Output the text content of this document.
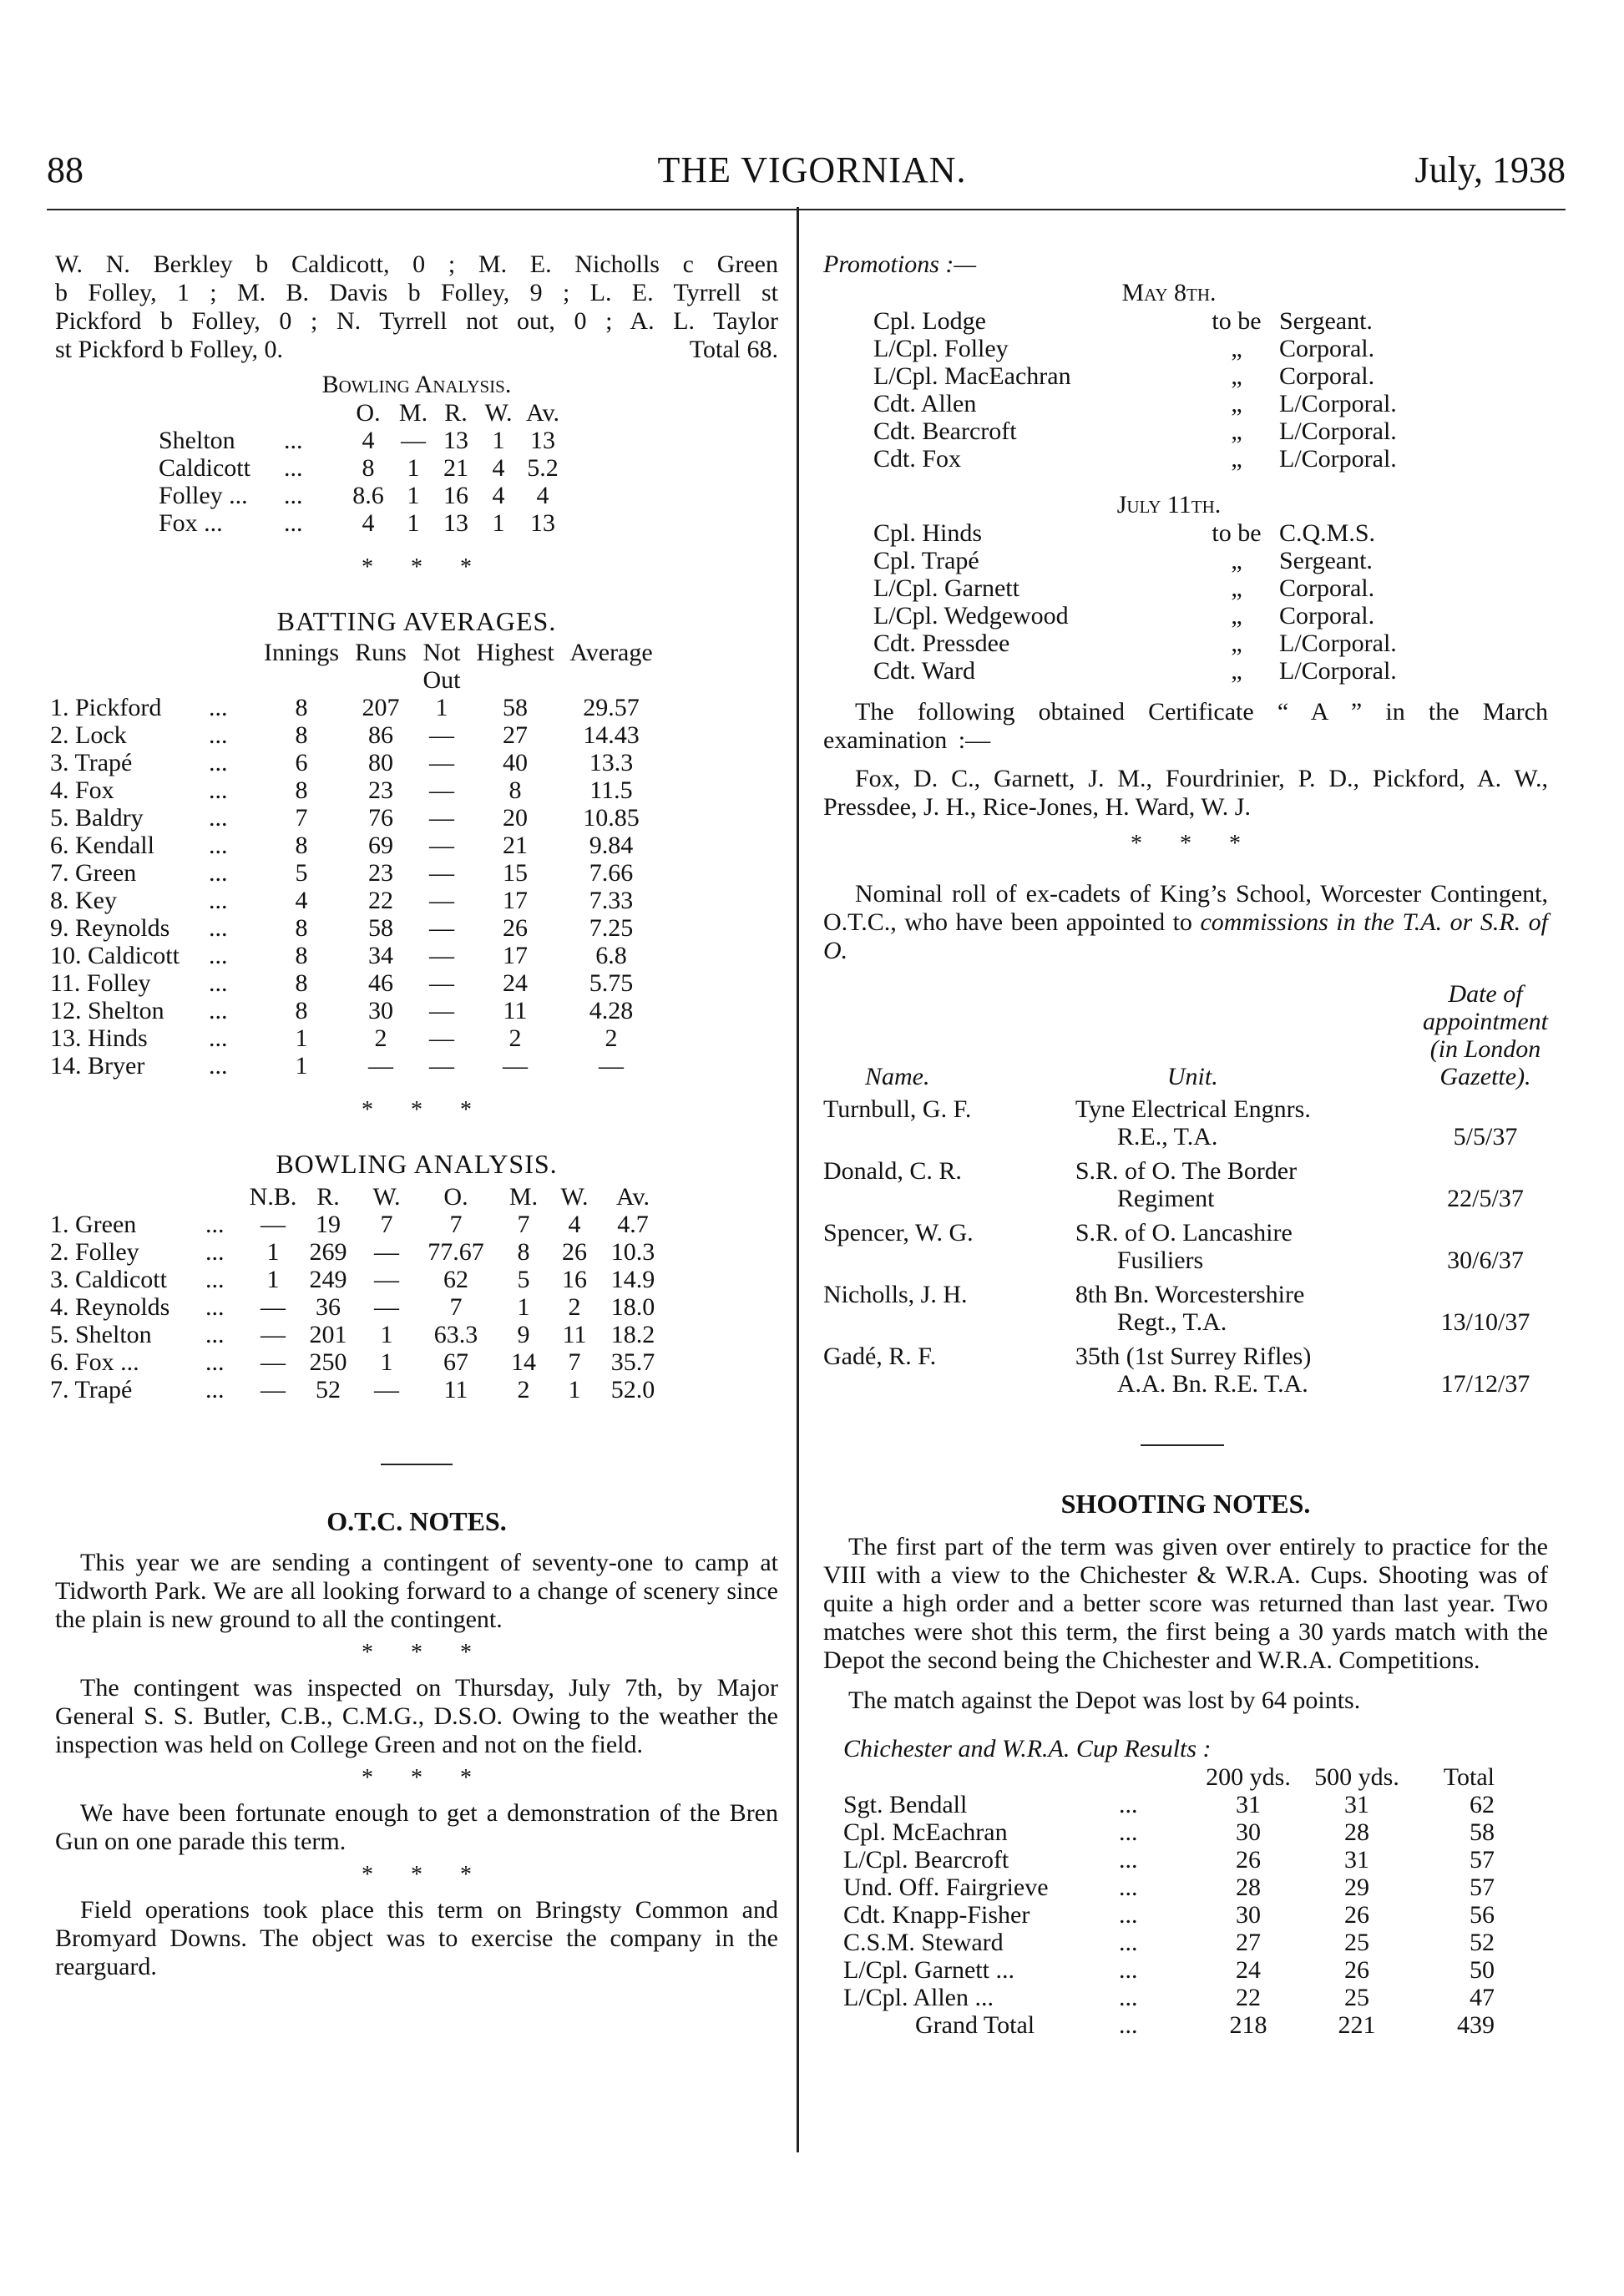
88	THE VIGORNIAN.	July, 1938

W. N. Berkley b Caldicott, 0 ; M. E. Nicholls c Green

b Folley, 1 ; M. B. Davis b Folley, 9 ; L. E. Tyrrell st

Pickford b Folley, 0 ; N. Tyrrell not out, 0 ; A. L. Taylor

st Pickford b Folley, 0.	Total 68.
Bowling Analysis.
		O.	M.	R.	W.	Av.
Shelton	...	4	—	13	1	13
Caldicott	...	8	1	21	4	5.2
Folley ...	...	8.6	1	16	4	4
Fox ...	...	4	1	13	1	13
* * *
BATTING AVERAGES.
		Innings	Runs	Not	Highest	Average
				Out		
1. Pickford	...	8	207	1	58	29.57
2. Lock	...	8	86	—	27	14.43
3. Trapé	...	6	80	—	40	13.3
4. Fox	...	8	23	—	8	11.5
5. Baldry	...	7	76	—	20	10.85
6. Kendall	...	8	69	—	21	9.84
7. Green	...	5	23	—	15	7.66
8. Key	...	4	22	—	17	7.33
9. Reynolds	...	8	58	—	26	7.25
10. Caldicott	...	8	34	—	17	6.8
11. Folley	...	8	46	—	24	5.75
12. Shelton	...	8	30	—	11	4.28
13. Hinds	...	1	2	—	2	2
14. Bryer	...	1	—	—	—	—
* * *
BOWLING ANALYSIS.
		N.B.	R.	W.	O.	M.	W.	Av.
1. Green	...	—	19	7	7	7	4	4.7
2. Folley	...	1	269	—	77.67	8	26	10.3
3. Caldicott	...	1	249	—	62	5	16	14.9
4. Reynolds	...	—	36	—	7	1	2	18.0
5. Shelton	...	—	201	1	63.3	9	11	18.2
6. Fox ...	...	—	250	1	67	14	7	35.7
7. Trapé	...	—	52	—	11	2	1	52.0
O.T.C. NOTES.

This year we are sending a contingent of seventy-one to camp at Tidworth Park. We are all looking forward to a change of scenery since the plain is new ground to all the contingent.

* * *

The contingent was inspected on Thursday, July 7th, by Major General S. S. Butler, C.B., C.M.G., D.S.O. Owing to the weather the inspection was held on College Green and not on the field.

* * *

We have been fortunate enough to get a demonstration of the Bren Gun on one parade this term.

* * *

Field operations took place this term on Bringsty Common and Bromyard Downs. The object was to exercise the company in the rearguard.

Promotions :—

May 8th.
Cpl. Lodge	to be	Sergeant.
L/Cpl. Folley	„	Corporal.
L/Cpl. MacEachran	„	Corporal.
Cdt. Allen	„	L/Corporal.
Cdt. Bearcroft	„	L/Corporal.
Cdt. Fox	„	L/Corporal.
July 11th.
Cpl. Hinds	to be	C.Q.M.S.
Cpl. Trapé	„	Sergeant.
L/Cpl. Garnett	„	Corporal.
L/Cpl. Wedgewood	„	Corporal.
Cdt. Pressdee	„	L/Corporal.
Cdt. Ward	„	L/Corporal.

The following obtained Certificate “ A ” in the March examination :—

Fox, D. C., Garnett, J. M., Fourdrinier, P. D., Pickford, A. W., Pressdee, J. H., Rice-Jones, H. Ward, W. J.

* * *

Nominal roll of ex-cadets of King’s School, Worcester Contingent, O.T.C., who have been appointed to commissions in the T.A. or S.R. of O.

Name.	Unit.	Date of
appointment
(in London
Gazette).

Turnbull, G. F.	Tyne Electrical Engnrs.
R.E., T.A.	5/5/37
Donald, C. R.	S.R. of O. The Border
Regiment	22/5/37
Spencer, W. G.	S.R. of O. Lancashire
Fusiliers	30/6/37
Nicholls, J. H.	8th Bn. Worcestershire
Regt., T.A.	13/10/37
Gadé, R. F.	35th (1st Surrey Rifles)
A.A. Bn. R.E. T.A.	17/12/37
SHOOTING NOTES.

The first part of the term was given over entirely to practice for the VIII with a view to the Chichester & W.R.A. Cups. Shooting was of quite a high order and a better score was returned than last year. Two matches were shot this term, the first being a 30 yards match with the Depot the second being the Chichester and W.R.A. Competitions.

The match against the Depot was lost by 64 points.

Chichester and W.R.A. Cup Results :

		200 yds.	500 yds.	Total
Sgt. Bendall	...	31	31	62
Cpl. McEachran	...	30	28	58
L/Cpl. Bearcroft	...	26	31	57
Und. Off. Fairgrieve	...	28	29	57
Cdt. Knapp-Fisher	...	30	26	56
C.S.M. Steward	...	27	25	52
L/Cpl. Garnett ...	...	24	26	50
L/Cpl. Allen ...	...	22	25	47
Grand Total	...	218	221	439
